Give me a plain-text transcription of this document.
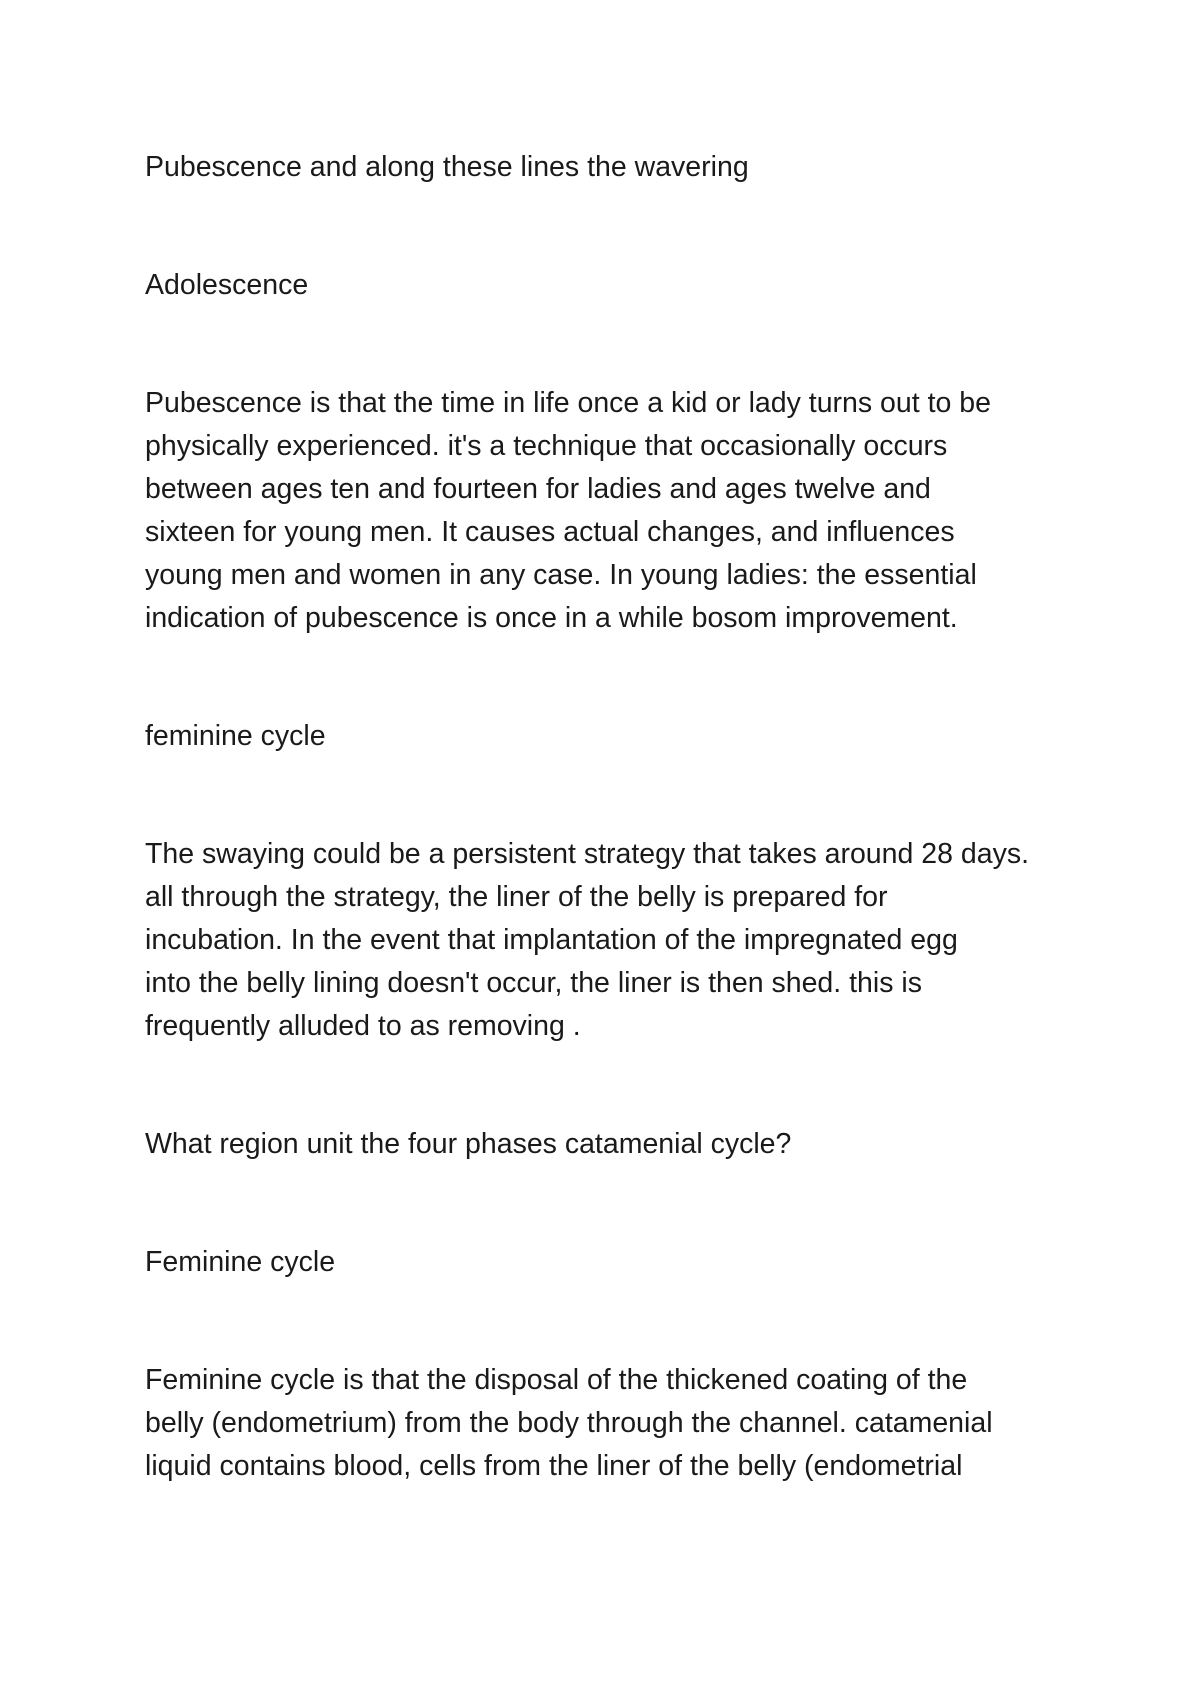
Pubescence and along these lines the wavering

Adolescence

Pubescence is that the time in life once a kid or lady turns out to be
physically experienced. it's a technique that occasionally occurs
between ages ten and fourteen for ladies and ages twelve and
sixteen for young men. It causes actual changes, and influences
young men and women in any case. In young ladies: the essential
indication of pubescence is once in a while bosom improvement.

feminine cycle

The swaying could be a persistent strategy that takes around 28 days.
all through the strategy, the liner of the belly is prepared for
incubation. In the event that implantation of the impregnated egg
into the belly lining doesn't occur, the liner is then shed. this is
frequently alluded to as removing .

What region unit the four phases catamenial cycle?

Feminine cycle

Feminine cycle is that the disposal of the thickened coating of the
belly (endometrium) from the body through the channel. catamenial
liquid contains blood, cells from the liner of the belly (endometrial
